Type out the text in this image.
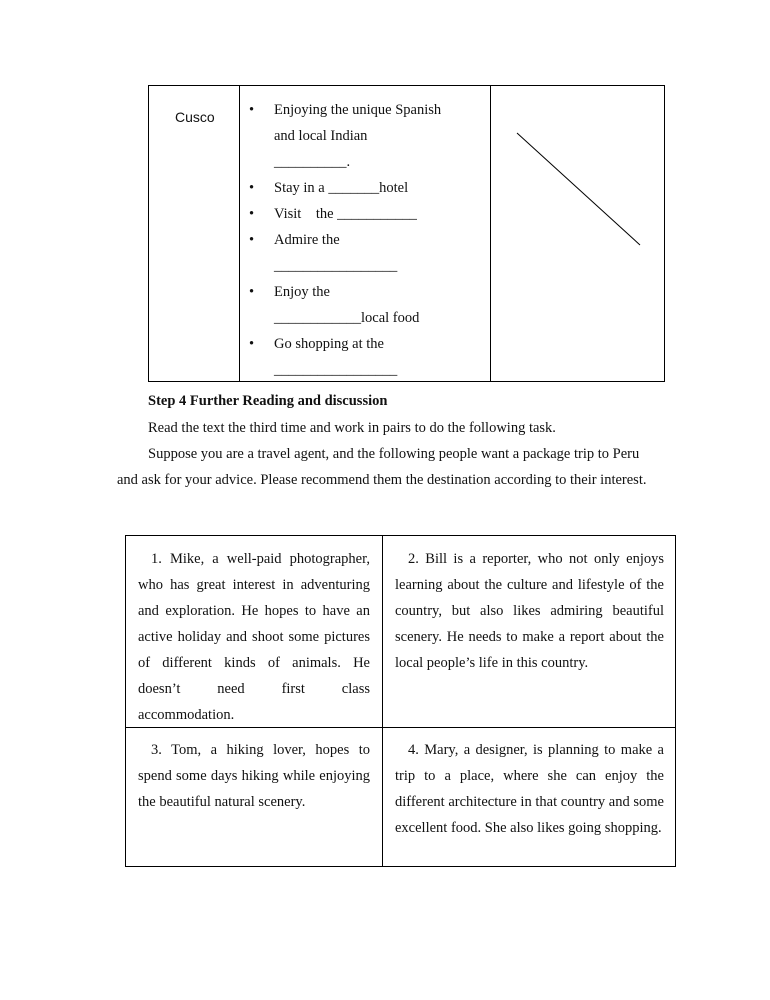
Cusco • Enjoying the unique Spanish
and local Indian
__________.
• Stay in a _______hotel
• Visit    the ___________
• Admire the
_________________
• Enjoy the
____________local food
• Go shopping at the
_________________
Step 4 Further Reading and discussion

Read the text the third time and work in pairs to do the following task.

Suppose you are a travel agent, and the following people want a package trip to Peru and ask for your advice. Please recommend them the destination according to their interest.

1. Mike, a well-paid photographer, who has great interest in adventuring and exploration. He hopes to have an active holiday and shoot some pictures of different kinds of animals. He doesn’t need first class accommodation.
2. Bill is a reporter, who not only enjoys learning about the culture and lifestyle of the country, but also likes admiring beautiful scenery. He needs to make a report about the local people’s life in this country.
3. Tom, a hiking lover, hopes to spend some days hiking while enjoying the beautiful natural scenery.
4. Mary, a designer, is planning to make a trip to a place, where she can enjoy the different architecture in that country and some excellent food. She also likes going shopping.
